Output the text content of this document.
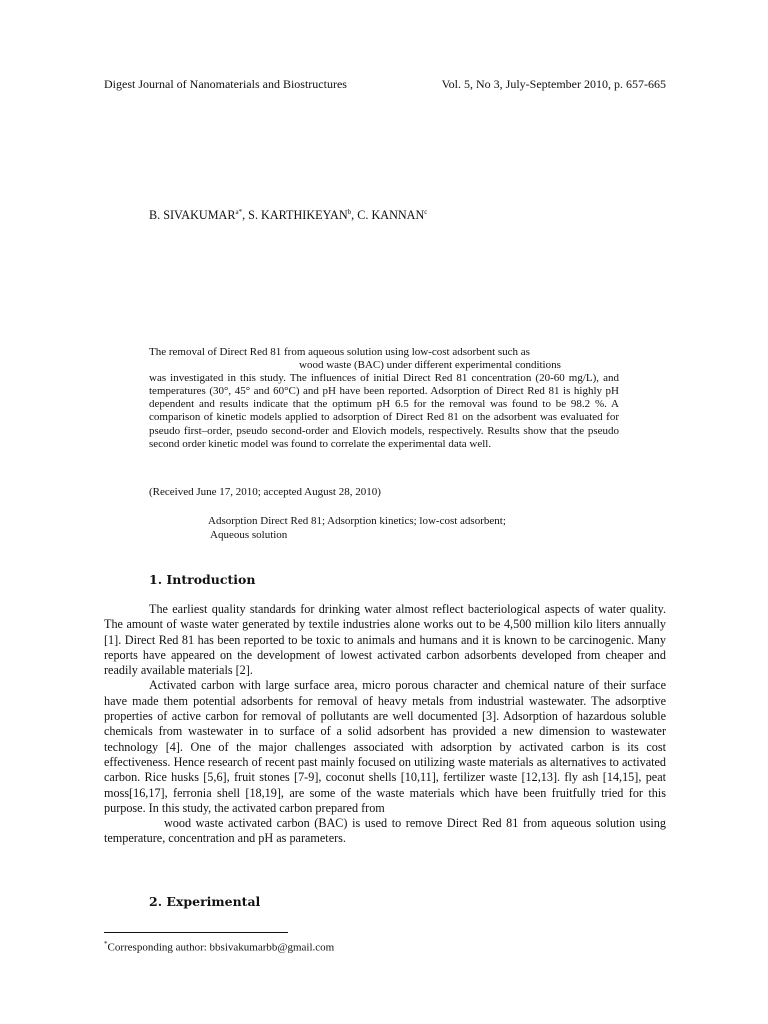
Digest Journal of Nanomaterials and Biostructures	Vol. 5, No 3, July-September 2010, p. 657-665
B. $SIVAKUMAR^{a*}$, S. KARTHIKEYAN$^b$, C. KANNAN$^c$

The removal of Direct Red 81 from aqueous solution using low-cost adsorbent such as

wood waste (BAC) under different experimental conditions

was investigated in this study. The influences of initial Direct Red 81 concentration (20-60 mg/L), and temperatures (30°, 45° and 60°C) and pH have been reported. Adsorption of Direct Red 81 is highly pH dependent and results indicate that the optimum pH 6.5 for the removal was found to be 98.2 %. A comparison of kinetic models applied to adsorption of Direct Red 81 on the adsorbent was evaluated for pseudo first–order, pseudo second-order and Elovich models, respectively. Results show that the pseudo second order kinetic model was found to correlate the experimental data well.

(Received June 17, 2010; accepted August 28, 2010)
Adsorption Direct Red 81; Adsorption kinetics; low-cost adsorbent;
Aqueous solution
1. Introduction

The earliest quality standards for drinking water almost reflect bacteriological aspects of water quality. The amount of waste water generated by textile industries alone works out to be 4,500 million kilo liters annually [1]. Direct Red 81 has been reported to be toxic to animals and humans and it is known to be carcinogenic. Many reports have appeared on the development of lowest activated carbon adsorbents developed from cheaper and readily available materials [2].

Activated carbon with large surface area, micro porous character and chemical nature of their surface have made them potential adsorbents for removal of heavy metals from industrial wastewater. The adsorptive properties of active carbon for removal of pollutants are well documented [3]. Adsorption of hazardous soluble chemicals from wastewater in to surface of a solid adsorbent has provided a new dimension to wastewater technology [4]. One of the major challenges associated with adsorption by activated carbon is its cost effectiveness. Hence research of recent past mainly focused on utilizing waste materials as alternatives to activated carbon. Rice husks [5,6], fruit stones [7-9], coconut shells [10,11], fertilizer waste [12,13]. fly ash [14,15], peat moss[16,17], ferronia shell [18,19], are some of the waste materials which have been fruitfully tried for this purpose. In this study, the activated carbon prepared from

wood waste activated carbon (BAC) is used to remove Direct Red 81 from aqueous solution using temperature, concentration and pH as parameters.

2. Experimental
*Corresponding author: bbsivakumarbb@gmail.com
